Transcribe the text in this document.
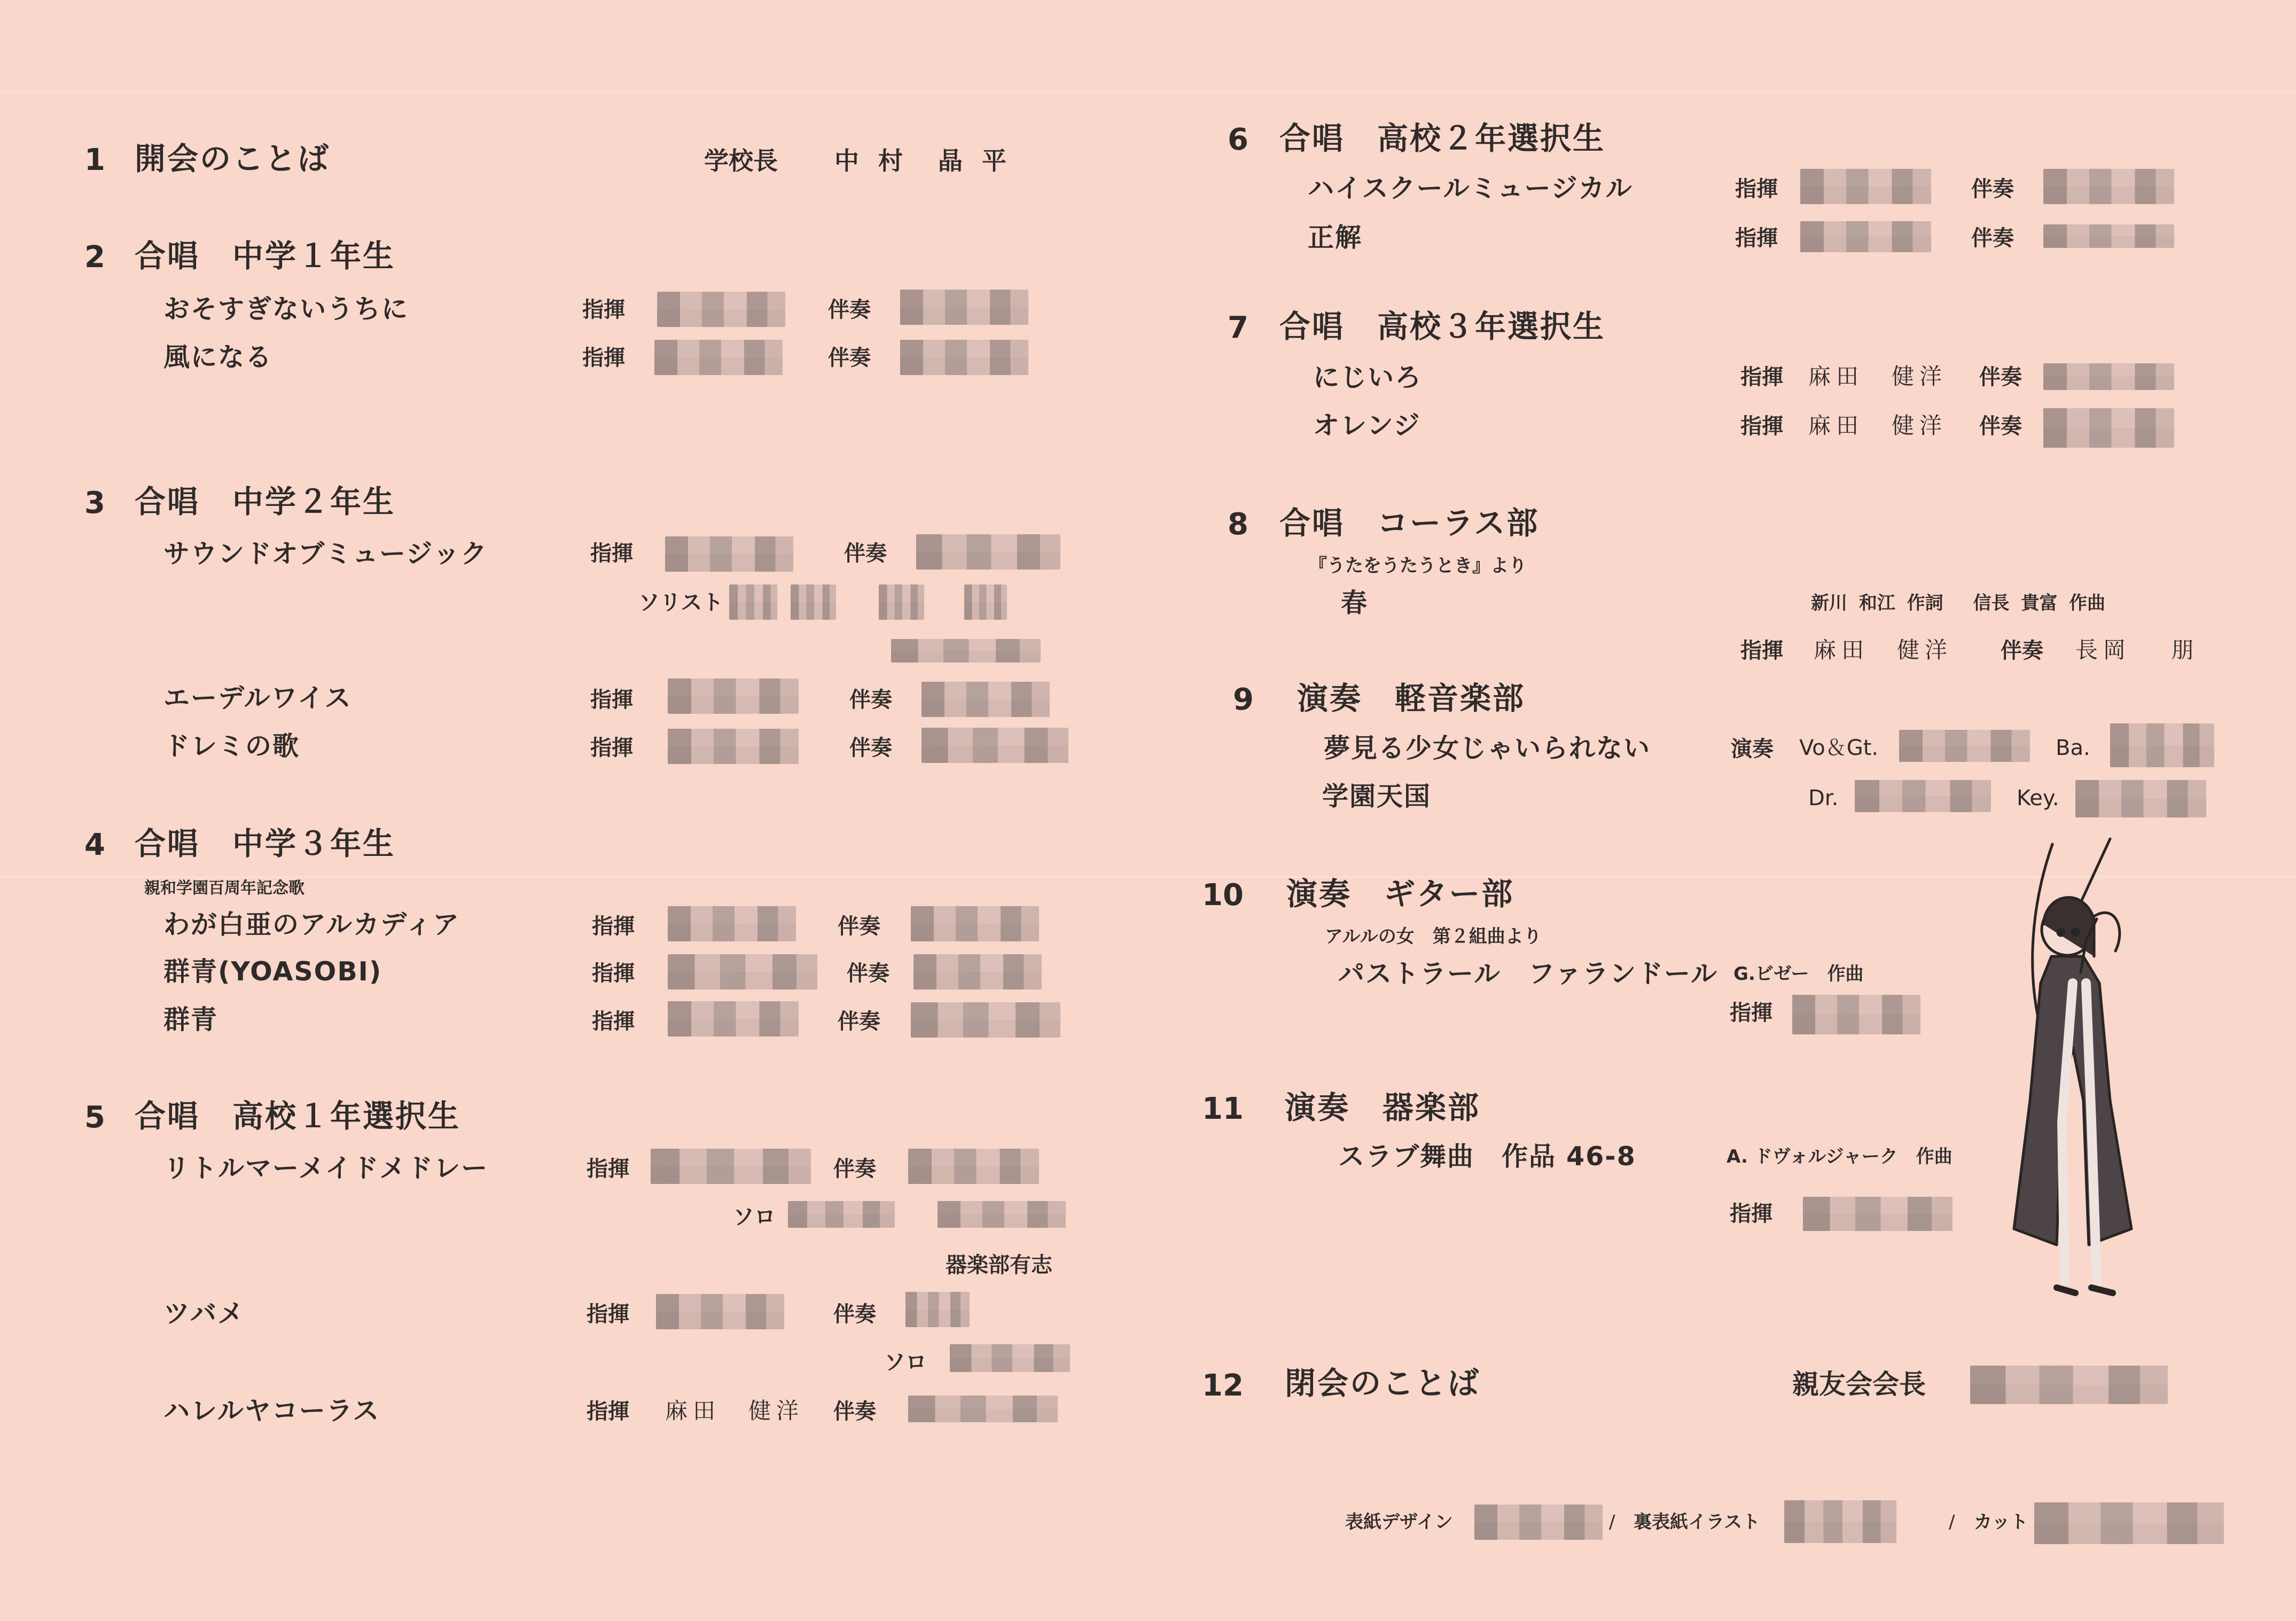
1 開会のことば	学校長 中 村　晶 平
2 合唱　中学１年生
おそすぎないうちに	指揮	伴奏
風になる	指揮	伴奏
3 合唱　中学２年生
サウンドオブミュージック	指揮	伴奏
ソリスト
エーデルワイス	指揮	伴奏
ドレミの歌	指揮	伴奏
4 合唱　中学３年生
親和学園百周年記念歌
わが白亜のアルカディア	指揮	伴奏
群青(YOASOBI)	指揮	伴奏
群青	指揮	伴奏
5 合唱　高校１年選択生
リトルマーメイドメドレー	指揮	伴奏
ソロ
器楽部有志
ツバメ	指揮	伴奏
ソロ
ハレルヤコーラス	指揮 麻田　健洋 伴奏
6 合唱　高校２年選択生
ハイスクールミュージカル	指揮	伴奏
正解	指揮	伴奏
7 合唱　高校３年選択生
にじいろ	指揮 麻田　健洋 伴奏
オレンジ	指揮 麻田　健洋 伴奏
8 合唱　コーラス部
『うたをうたうとき』より
春	新川 和江 作詞　 信長 貴富 作曲
指揮 麻田　健洋 伴奏 長岡　 朋
9 演奏　軽音楽部
夢見る少女じゃいられない	演奏 Vo＆Gt.	Ba.
学園天国	Dr.	Key.
10 演奏　ギター部
アルルの女　第２組曲より
パストラール　ファランドール G.ビゼー　作曲
指揮
11 演奏　器楽部
スラブ舞曲　作品 46-8	A. ドヴォルジャーク　作曲
指揮
12 閉会のことば	親友会会長
表紙デザイン	/ 裏表紙イラスト	/ カット
